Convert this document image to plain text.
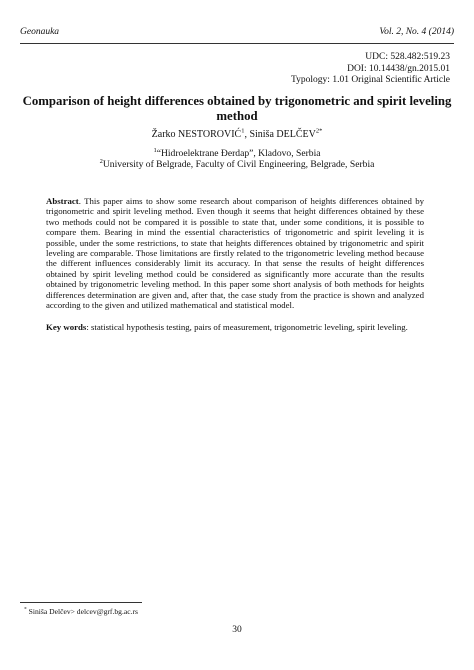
Geonauka	Vol. 2, No. 4 (2014)
UDC: 528.482:519.23
DOI: 10.14438/gn.2015.01
Typology: 1.01 Original Scientific Article
Comparison of height differences obtained by trigonometric and spirit leveling method
Žarko NESTOROVIĆ$^1$, Siniša $DELČEV^{2*}$
$^1$“Hidroelektrane Đerdap”, Kladovo, Serbia
$^2$University of Belgrade, Faculty of Civil Engineering, Belgrade, Serbia

Abstract. This paper aims to show some research about comparison of heights differences obtained by trigonometric and spirit leveling method. Even though it seems that height differences obtained by these two methods could not be compared it is possible to state that, under some conditions, it is possible to compare them. Bearing in mind the essential characteristics of trigonometric and spirit leveling it is possible, under the some restrictions, to state that heights differences obtained by trigonometric and spirit leveling are comparable. Those limitations are firstly related to the trigonometric leveling method because the different influences considerably limit its accuracy. In that sense the results of height differences obtained by spirit leveling method could be considered as significantly more accurate than the results obtained by trigonometric leveling method. In this paper some short analysis of both methods for heights differences determination are given and, after that, the case study from the practice is shown and analyzed according to the given and utilized mathematical and statistical model.

Key words: statistical hypothesis testing, pairs of measurement, trigonometric leveling, spirit leveling.

* Siniša Delčev> delcev@grf.bg.ac.rs
30
